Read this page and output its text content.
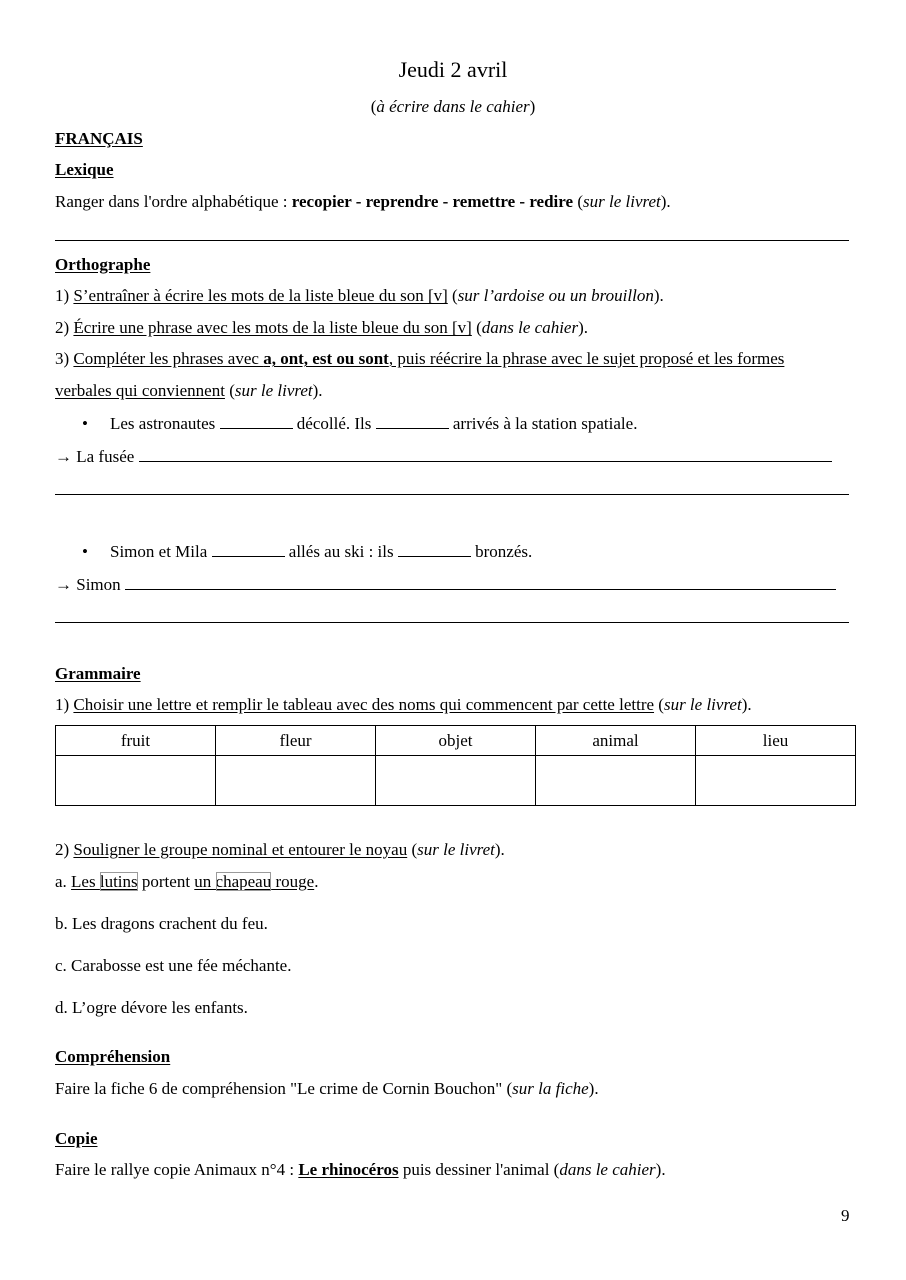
Jeudi 2 avril
(à écrire dans le cahier)
FRANÇAIS
Lexique
Ranger dans l'ordre alphabétique : recopier - reprendre - remettre - redire (sur le livret).
Orthographe
1) S’entraîner à écrire les mots de la liste bleue du son [v] (sur l’ardoise ou un brouillon).
2) Écrire une phrase avec les mots de la liste bleue du son [v] (dans le cahier).
3) Compléter les phrases avec a, ont, est ou sont, puis réécrire la phrase avec le sujet proposé et les formes
verbales qui conviennent (sur le livret).
• Les astronautes	décollé. Ils	arrivés à la station spatiale.
→ La fusée
• Simon et Mila	allés au ski : ils	bronzés.
→ Simon
Grammaire
1) Choisir une lettre et remplir le tableau avec des noms qui commencent par cette lettre (sur le livret).
fruit	fleur	objet	animal	lieu

2) Souligner le groupe nominal et entourer le noyau (sur le livret).
a. Les lutins portent un chapeau rouge.
b. Les dragons crachent du feu.
c. Carabosse est une fée méchante.
d. L’ogre dévore les enfants.
Compréhension
Faire la fiche 6 de compréhension "Le crime de Cornin Bouchon" (sur la fiche).
Copie
Faire le rallye copie Animaux n°4 : Le rhinocéros puis dessiner l'animal (dans le cahier).
9
